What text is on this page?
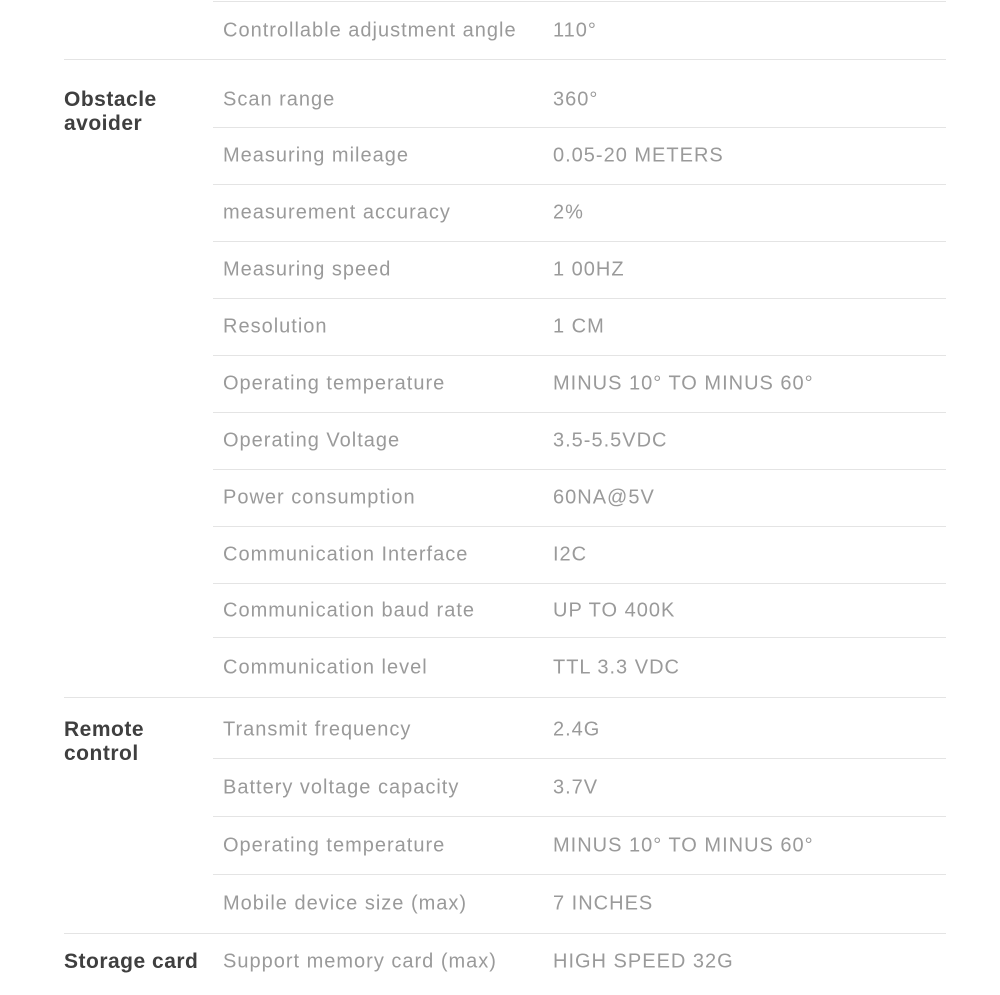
Controllable adjustment angle 110°
Obstacle
avoider
Scan range	360°
Measuring mileage	0.05-20 METERS
measurement accuracy	2%
Measuring speed	1 00HZ
Resolution	1 CM
Operating temperature	MINUS 10° TO MINUS 60°
Operating Voltage	3.5-5.5VDC
Power consumption	60NA@5V
Communication Interface	I2C
Communication baud rate	UP TO 400K
Communication level	TTL 3.3 VDC
Remote
control
Transmit frequency	2.4G
Battery voltage capacity	3.7V
Operating temperature	MINUS 10° TO MINUS 60°
Mobile device size (max)	7 INCHES
Storage card	Support memory card (max)	HIGH SPEED 32G
